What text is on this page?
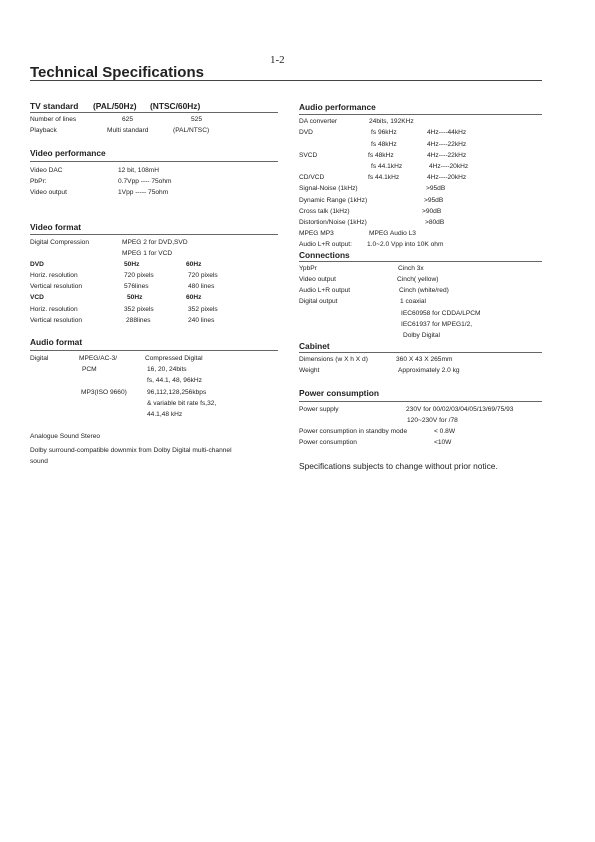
1-2
Technical Specifications
TV standard (PAL/50Hz) (NTSC/60Hz)
Number of lines	625	525
Playback	Multi standard	(PAL/NTSC)
Video performance
Video DAC	12 bit, 108mH
PbPr:	0.7Vpp ---- 75ohm
Video output	1Vpp ----- 75ohm
Video format
Digital Compression	MPEG 2 for DVD,SVD
MPEG 1 for VCD
DVD	50Hz	60Hz
Horiz. resolution	720 pixels	720 pixels
Vertical resolution	576lines	480 lines
VCD	50Hz	60Hz
Horiz. resolution	352 pixels	352 pixels
Vertical resolution	288lines	240 lines
Audio format
Digital	MPEG/AC-3/	Compressed Digital
PCM	16, 20, 24bits
fs, 44.1, 48, 96kHz
MP3(ISO 9660)	96,112,128,256kbps
& variable bit rate fs,32,
44.1,48 kHz
Analogue Sound Stereo
Dolby surround-compatible downmix from Dolby Digital multi-channel
sound
Audio performance
DA converter	24bits, 192KHz
DVD	fs 96kHz	4Hz----44kHz
fs 48kHz	4Hz----22kHz
SVCD	fs 48kHz	4Hz----22kHz
fs 44.1kHz	4Hz----20kHz
CD/VCD	fs 44.1kHz	4Hz----20kHz
Signal-Noise (1kHz)	>95dB
Dynamic Range (1kHz)	>95dB
Cross talk (1kHz)	>90dB
Distortion/Noise (1kHz)	>80dB
MPEG MP3	MPEG Audio L3
Audio L+R output: 1.0~2.0 Vpp into 10K ohm
Connections
YpbPr	Cinch 3x
Video output	Cinch( yellow)
Audio L+R output	Cinch (white/red)
Digital output	1 coaxial
IEC60958 for CDDA/LPCM
IEC61937 for MPEG1/2,
Dolby Digital
Cabinet
Dimensions (w X h X d)	360 X 43 X 265mm
Weight	Approximately 2.0 kg
Power consumption
Power supply	230V for 00/02/03/04/05/13/69/75/93
120~230V for /78
Power consumption in standby mode	< 0.8W
Power consumption	<10W
Specifications subjects to change without prior notice.
